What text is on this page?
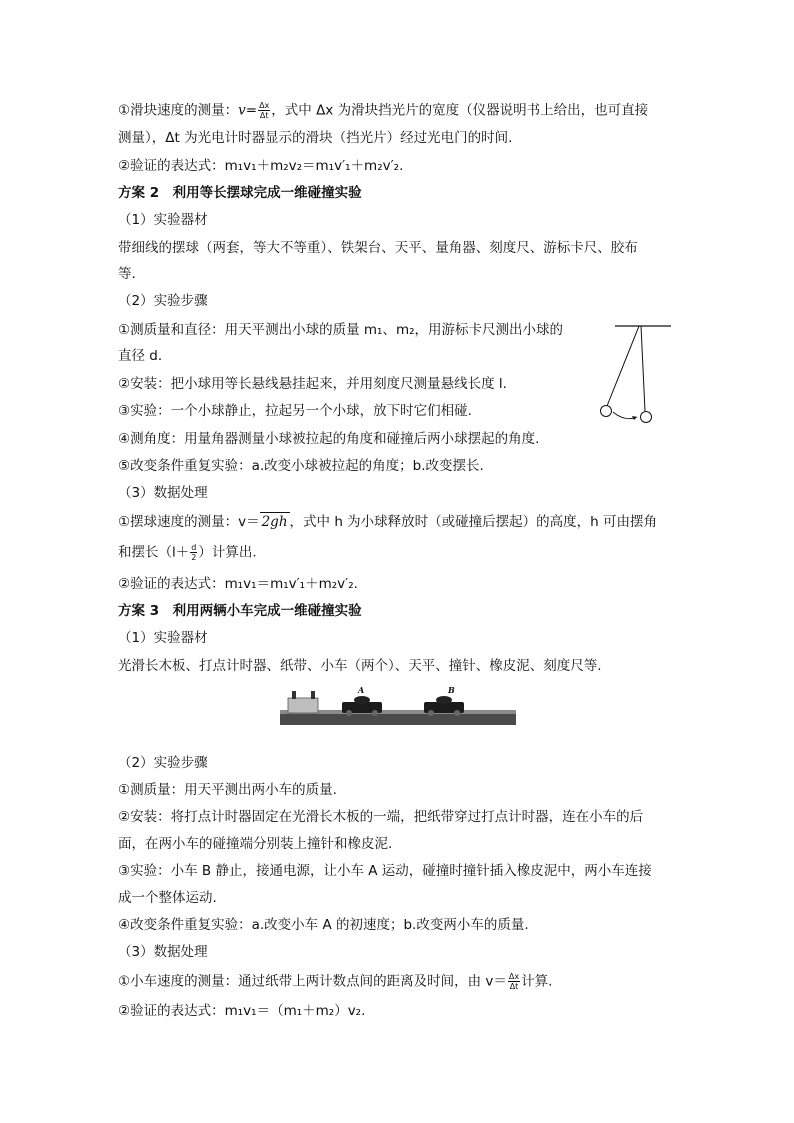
①滑块速度的测量：$v= \frac{\Delta x}{\Delta t}$ ，式中 Δx 为滑块挡光片的宽度（仪器说明书上给出，也可直接
测量），Δt 为光电计时器显示的滑块（挡光片）经过光电门的时间.
②验证的表达式：m₁v₁＋m₂v₂＝m₁v′₁＋m₂v′₂.
方案 2　利用等长摆球完成一维碰撞实验
（1）实验器材
带细线的摆球（两套，等大不等重）、铁架台、天平、量角器、刻度尺、游标卡尺、胶布
等.
（2）实验步骤
①测质量和直径：用天平测出小球的质量 m₁、m₂，用游标卡尺测出小球的
直径 d.
②安装：把小球用等长悬线悬挂起来，并用刻度尺测量悬线长度 l.
③实验：一个小球静止，拉起另一个小球，放下时它们相碰.
④测角度：用量角器测量小球被拉起的角度和碰撞后两小球摆起的角度.
⑤改变条件重复实验：a.改变小球被拉起的角度；b.改变摆长.
（3）数据处理
①摆球速度的测量：v＝ 2gh ，式中 h 为小球释放时（或碰撞后摆起）的高度，h 可由摆角
和摆长（$l+ \frac{d}{2}$ ）计算出.
②验证的表达式：m₁v₁＝m₁v′₁＋m₂v′₂.
方案 3　利用两辆小车完成一维碰撞实验
（1）实验器材
光滑长木板、打点计时器、纸带、小车（两个）、天平、撞针、橡皮泥、刻度尺等.
（2）实验步骤
①测质量：用天平测出两小车的质量.
②安装：将打点计时器固定在光滑长木板的一端，把纸带穿过打点计时器，连在小车的后
面，在两小车的碰撞端分别装上撞针和橡皮泥.
③实验：小车 B 静止，接通电源，让小车 A 运动，碰撞时撞针插入橡皮泥中，两小车连接
成一个整体运动.
④改变条件重复实验：a.改变小车 A 的初速度；b.改变两小车的质量.
（3）数据处理
①小车速度的测量：通过纸带上两计数点间的距离及时间，由 $v= \frac{\Delta x}{\Delta t}$ 计算.
②验证的表达式：m₁v₁＝（m₁＋m₂）v₂.
A	B
